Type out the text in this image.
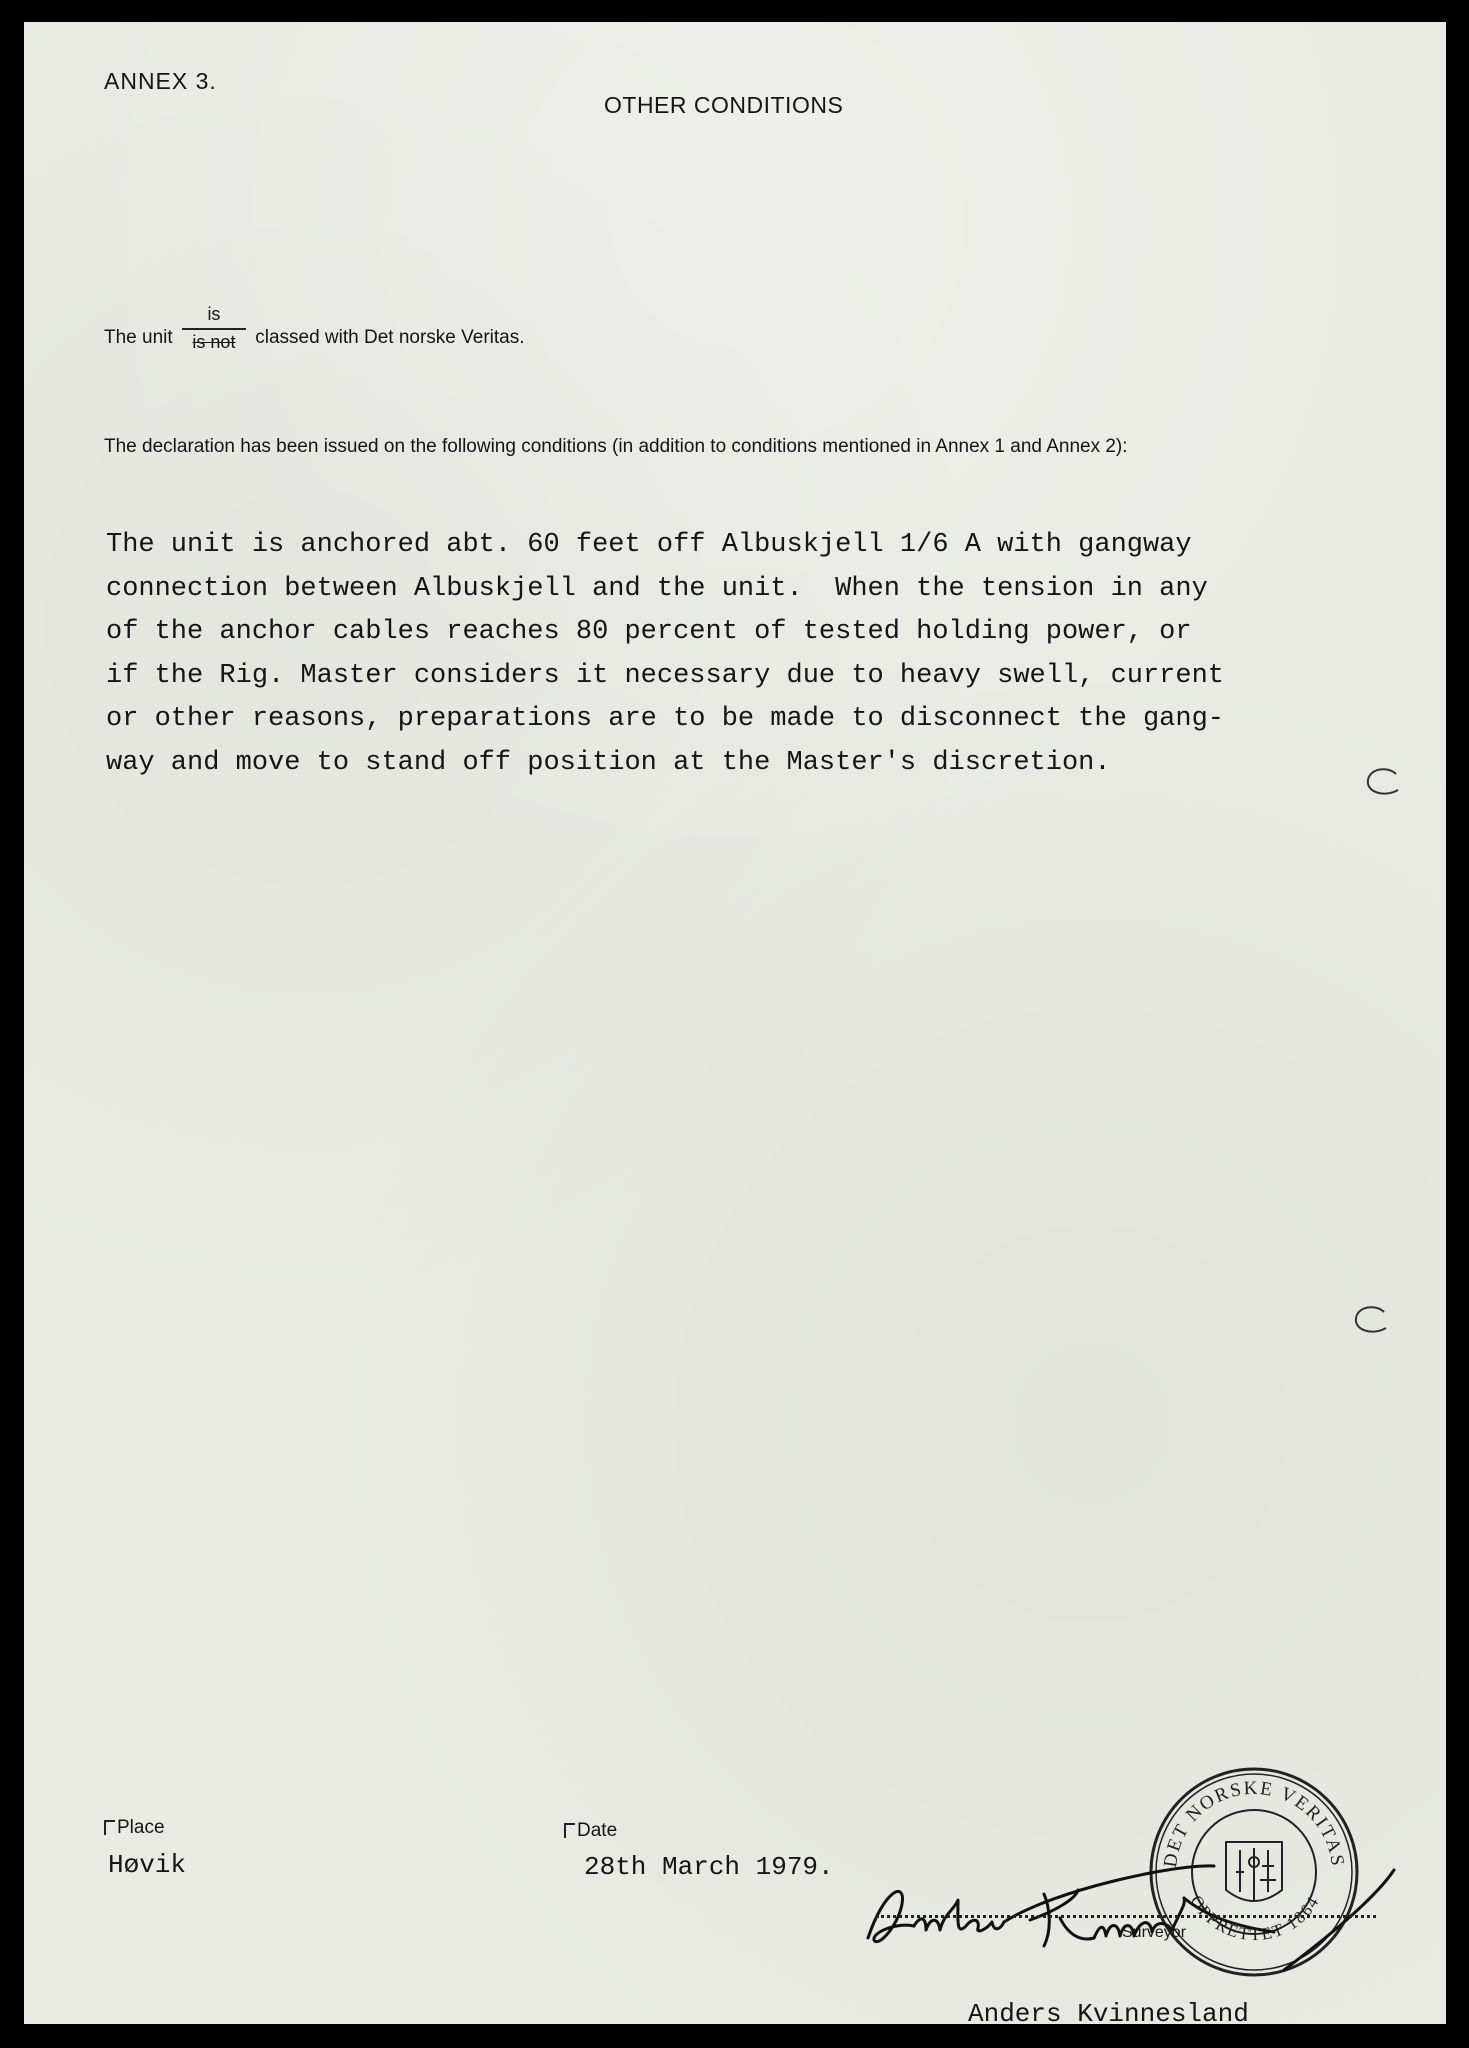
ANNEX 3.
OTHER CONDITIONS
The unit $\frac{is}{\text{is not}}$ classed with Det norske Veritas.
The declaration has been issued on the following conditions (in addition to conditions mentioned in Annex 1 and Annex 2):
The unit is anchored abt. 60 feet off Albuskjell 1/6 A with gangway
connection between Albuskjell and the unit.  When the tension in any
of the anchor cables reaches 80 percent of tested holding power, or
if the Rig. Master considers it necessary due to heavy swell, current
or other reasons, preparations are to be made to disconnect the gang-
way and move to stand off position at the Master's discretion.
Place
Høvik
Date
28th March 1979.	DET NORSKE VERITAS
OPPRETTET 1864
Surveyor
Anders Kvinnesland
